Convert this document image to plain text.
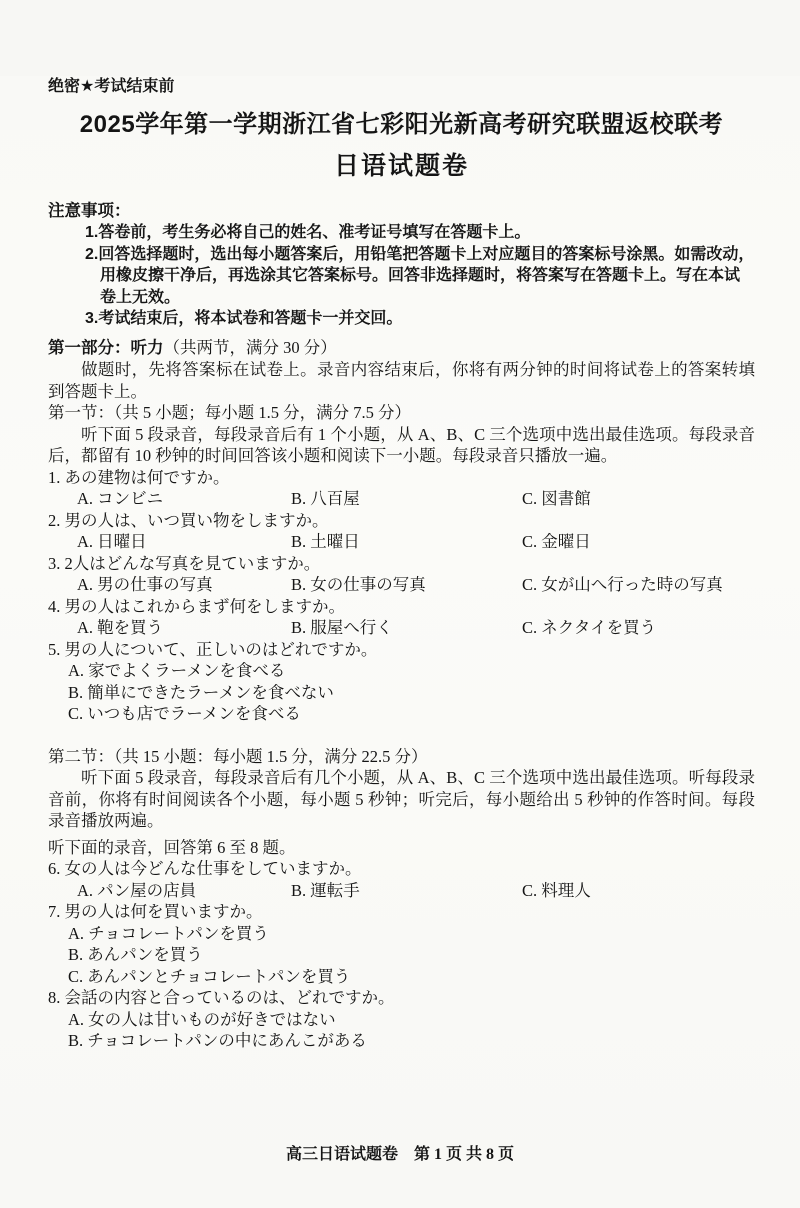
绝密★考试结束前
2025学年第一学期浙江省七彩阳光新高考研究联盟返校联考
日语试题卷
注意事项：
1.答卷前，考生务必将自己的姓名、准考证号填写在答题卡上。
2.回答选择题时，选出每小题答案后，用铅笔把答题卡上对应题目的答案标号涂黑。如需改动，用橡皮擦干净后，再选涂其它答案标号。回答非选择题时，将答案写在答题卡上。写在本试卷上无效。
3.考试结束后，将本试卷和答题卡一并交回。
第一部分：听力（共两节，满分 30 分）

做题时，先将答案标在试卷上。录音内容结束后，你将有两分钟的时间将试卷上的答案转填到答题卡上。

第一节：（共 5 小题；每小题 1.5 分，满分 7.5 分）

听下面 5 段录音，每段录音后有 1 个小题，从 A、B、C 三个选项中选出最佳选项。每段录音后，都留有 10 秒钟的时间回答该小题和阅读下一小题。每段录音只播放一遍。

1. あの建物は何ですか。
A. コンビニ	B. 八百屋	C. 図書館
2. 男の人は、いつ買い物をしますか。
A. 日曜日	B. 土曜日	C. 金曜日
3. 2人はどんな写真を見ていますか。
A. 男の仕事の写真	B. 女の仕事の写真	C. 女が山へ行った時の写真
4. 男の人はこれからまず何をしますか。
A. 鞄を買う	B. 服屋へ行く	C. ネクタイを買う
5. 男の人について、正しいのはどれですか。
A. 家でよくラーメンを食べる
B. 簡単にできたラーメンを食べない
C. いつも店でラーメンを食べる
第二节：（共 15 小题：每小题 1.5 分，满分 22.5 分）

听下面 5 段录音，每段录音后有几个小题，从 A、B、C 三个选项中选出最佳选项。听每段录音前，你将有时间阅读各个小题，每小题 5 秒钟；听完后，每小题给出 5 秒钟的作答时间。每段录音播放两遍。

听下面的录音，回答第 6 至 8 题。
6. 女の人は今どんな仕事をしていますか。
A. パン屋の店員	B. 運転手	C. 料理人
7. 男の人は何を買いますか。
A. チョコレートパンを買う
B. あんパンを買う
C. あんパンとチョコレートパンを買う
8. 会話の内容と合っているのは、どれですか。
A. 女の人は甘いものが好きではない
B. チョコレートパンの中にあんこがある
高三日语试题卷 第 1 页 共 8 页
